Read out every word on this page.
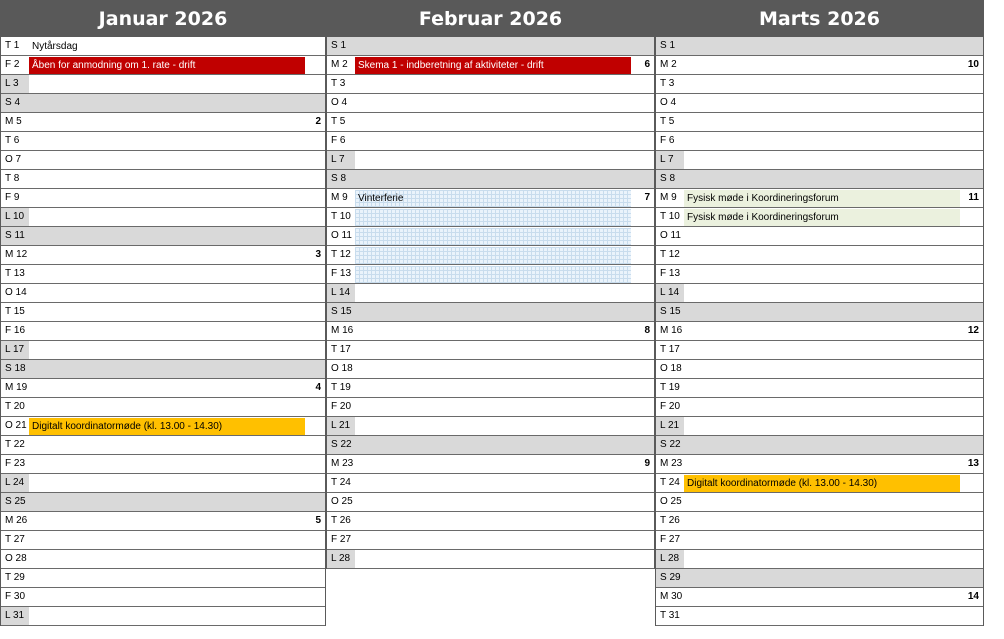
Januar 2026
T 1	Nytårsdag
F 2	Åben for anmodning om 1. rate - drift
L 3
S 4
M 5	2
T 6
O 7
T 8
F 9
L 10
S 11
M 12	3
T 13
O 14
T 15
F 16
L 17
S 18
M 19	4
T 20
O 21 Digitalt koordinatormøde (kl. 13.00 - 14.30)
T 22
F 23
L 24
S 25
M 26	5
T 27
O 28
T 29
F 30
L 31
Februar 2026
S 1
M 2	Skema 1 - indberetning af aktiviteter - drift	6
T 3
O 4
T 5
F 6
L 7
S 8
M 9	Vinterferie	7
T 10
O 11
T 12
F 13
L 14
S 15
M 16	8
T 17
O 18
T 19
F 20
L 21
S 22
M 23	9
T 24
O 25
T 26
F 27
L 28
Marts 2026
S 1
M 2	10
T 3
O 4
T 5
F 6
L 7
S 8
M 9	Fysisk møde i Koordineringsforum	11
T 10 Fysisk møde i Koordineringsforum
O 11
T 12
F 13
L 14
S 15
M 16	12
T 17
O 18
T 19
F 20
L 21
S 22
M 23	13
T 24 Digitalt koordinatormøde (kl. 13.00 - 14.30)
O 25
T 26
F 27
L 28
S 29
M 30	14
T 31
